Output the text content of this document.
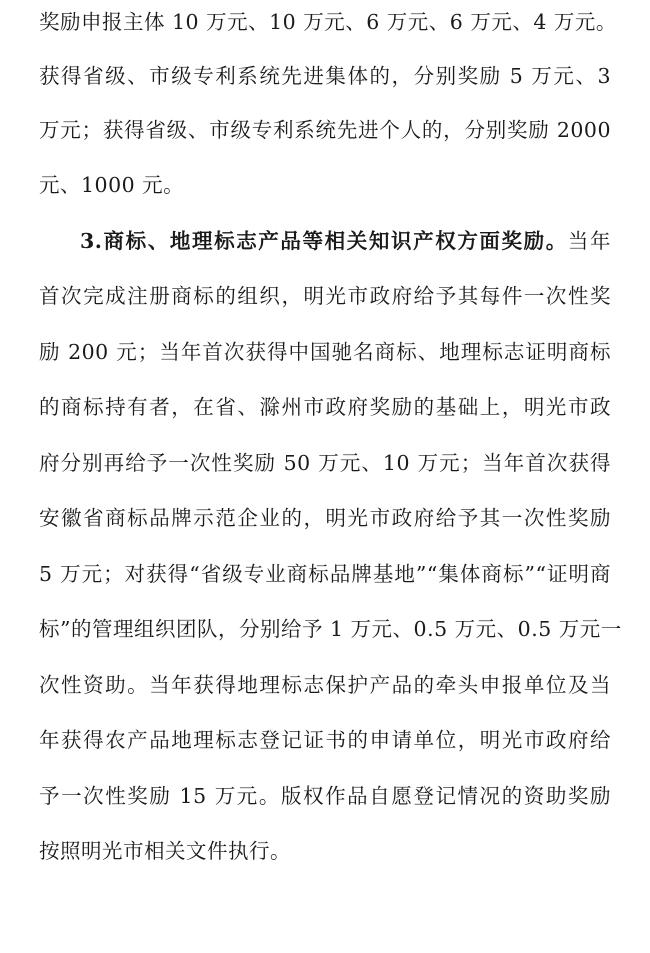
奖励申报主体 10 万元、10 万元、6 万元、6 万元、4 万元。
获得省级、市级专利系统先进集体的，分别奖励 5 万元、3
万元；获得省级、市级专利系统先进个人的，分别奖励 2000
元、1000 元。
3.商标、地理标志产品等相关知识产权方面奖励。当年
首次完成注册商标的组织，明光市政府给予其每件一次性奖
励 200 元；当年首次获得中国驰名商标、地理标志证明商标
的商标持有者，在省、滁州市政府奖励的基础上，明光市政
府分别再给予一次性奖励 50 万元、10 万元；当年首次获得
安徽省商标品牌示范企业的，明光市政府给予其一次性奖励
5 万元；对获得“省级专业商标品牌基地”“集体商标”“证明商
标”的管理组织团队，分别给予 1 万元、0.5 万元、0.5 万元一
次性资助。当年获得地理标志保护产品的牵头申报单位及当
年获得农产品地理标志登记证书的申请单位，明光市政府给
予一次性奖励 15 万元。版权作品自愿登记情况的资助奖励
按照明光市相关文件执行。
